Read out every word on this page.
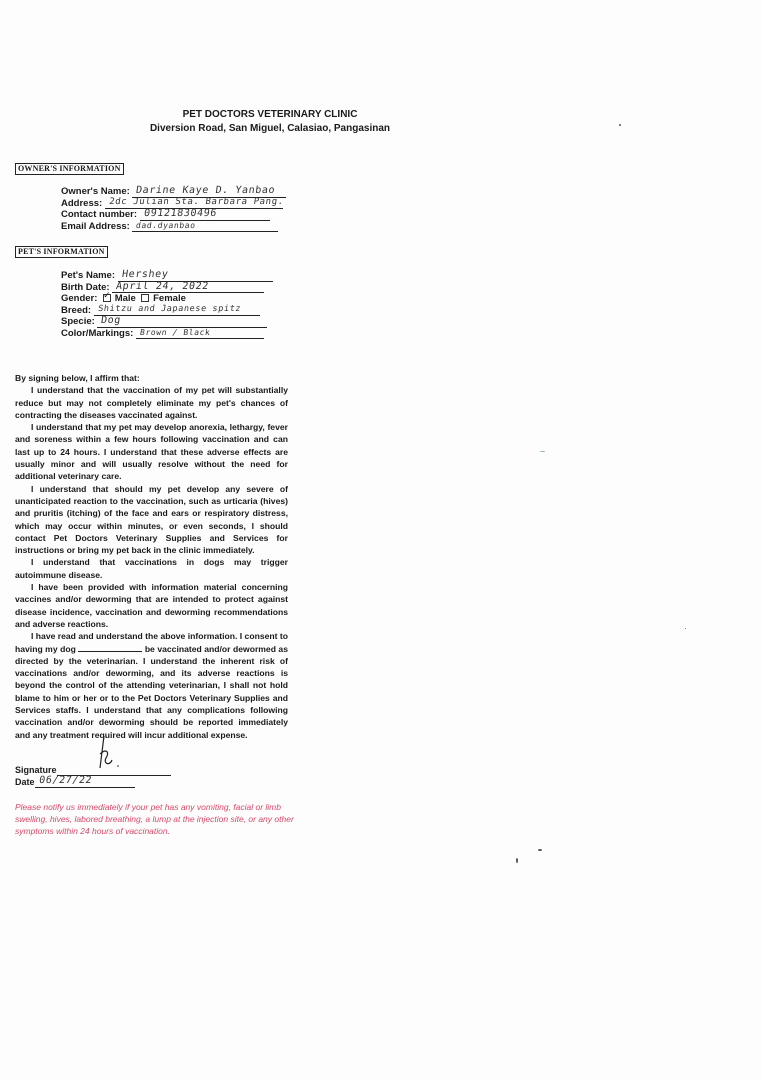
PET DOCTORS VETERINARY CLINIC
Diversion Road, San Miguel, Calasiao, Pangasinan
OWNER'S INFORMATION
Owner's Name: Darine Kaye D. Yanbao
Address: 2dc Julian Sta. Barbara Pang.
Contact number: 09121830496
Email Address: dad.dyanbao
PET'S INFORMATION
Pet's Name: Hershey
Birth Date: April 24, 2022
Gender: ✓ Male Female
Breed: Shitzu and Japanese spitz
Specie: Dog
Color/Markings: Brown / Black

By signing below, I affirm that:

I understand that the vaccination of my pet will substantially reduce but may not completely eliminate my pet's chances of contracting the diseases vaccinated against.

I understand that my pet may develop anorexia, lethargy, fever and soreness within a few hours following vaccination and can last up to 24 hours. I understand that these adverse effects are usually minor and will usually resolve without the need for additional veterinary care.

I understand that should my pet develop any severe of unanticipated reaction to the vaccination, such as urticaria (hives) and pruritis (itching) of the face and ears or respiratory distress, which may occur within minutes, or even seconds, I should contact Pet Doctors Veterinary Supplies and Services for instructions or bring my pet back in the clinic immediately.

I understand that vaccinations in dogs may trigger autoimmune disease.

I have been provided with information material concerning vaccines and/or deworming that are intended to protect against disease incidence, vaccination and deworming recommendations and adverse reactions.

I have read and understand the above information. I consent to having my dog	be vaccinated and/or dewormed as directed by the veterinarian. I understand the inherent risk of vaccinations and/or deworming, and its adverse reactions is beyond the control of the attending veterinarian, I shall not hold blame to him or her or to the Pet Doctors Veterinary Supplies and Services staffs. I understand that any complications following vaccination and/or deworming should be reported immediately and any treatment required will incur additional expense.

Signature
Date 06/27/22
Please notify us immediately if your pet has any vomiting, facial or limb swelling, hives, labored breathing, a lump at the injection site, or any other symptoms within 24 hours of vaccination.
